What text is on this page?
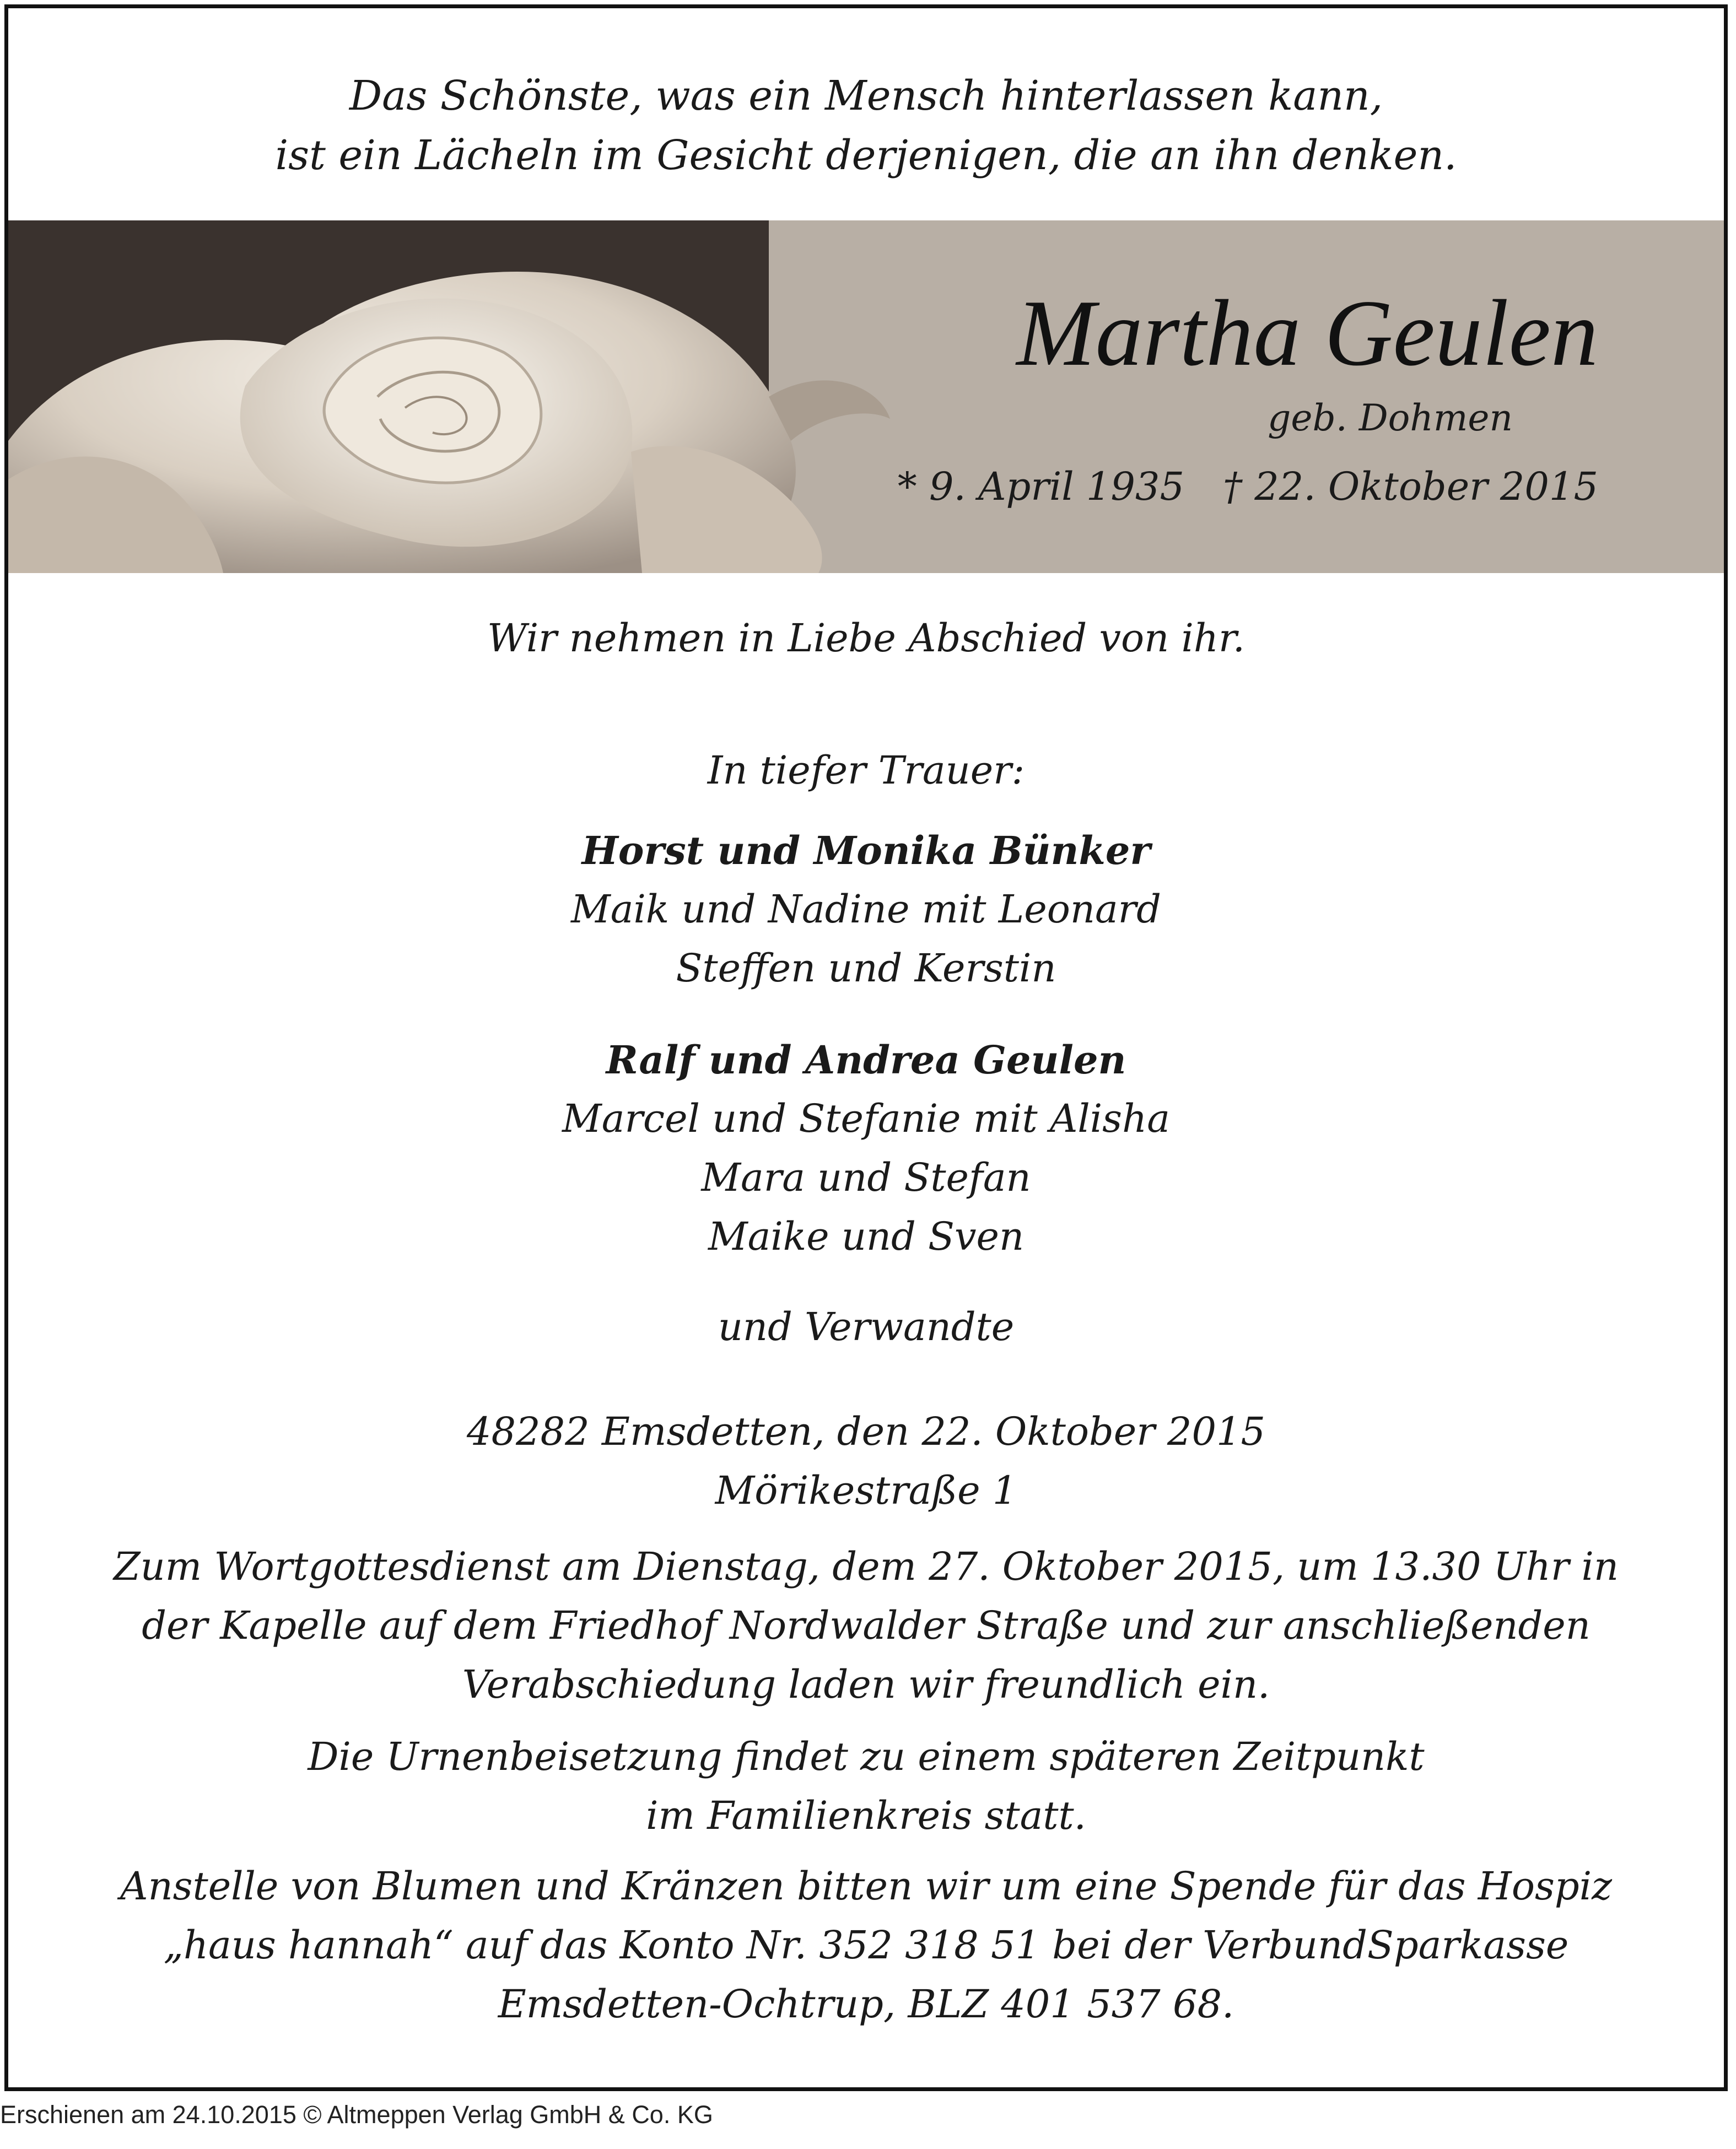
Das Schönste, was ein Mensch hinterlassen kann,
ist ein Lächeln im Gesicht derjenigen, die an ihn denken.
Martha Geulen
geb. Dohmen
* 9. April 1935 † 22. Oktober 2015
Wir nehmen in Liebe Abschied von ihr.
In tiefer Trauer:
Horst und Monika Bünker
Maik und Nadine mit Leonard
Steffen und Kerstin
Ralf und Andrea Geulen
Marcel und Stefanie mit Alisha
Mara und Stefan
Maike und Sven
und Verwandte
48282 Emsdetten, den 22. Oktober 2015
Mörikestraße 1
Zum Wortgottesdienst am Dienstag, dem 27. Oktober 2015, um 13.30 Uhr in
der Kapelle auf dem Friedhof Nordwalder Straße und zur anschließenden
Verabschiedung laden wir freundlich ein.
Die Urnenbeisetzung findet zu einem späteren Zeitpunkt
im Familienkreis statt.
Anstelle von Blumen und Kränzen bitten wir um eine Spende für das Hospiz
„haus hannah“ auf das Konto Nr. 352 318 51 bei der VerbundSparkasse
Emsdetten-Ochtrup, BLZ 401 537 68.
Erschienen am 24.10.2015 © Altmeppen Verlag GmbH & Co. KG
